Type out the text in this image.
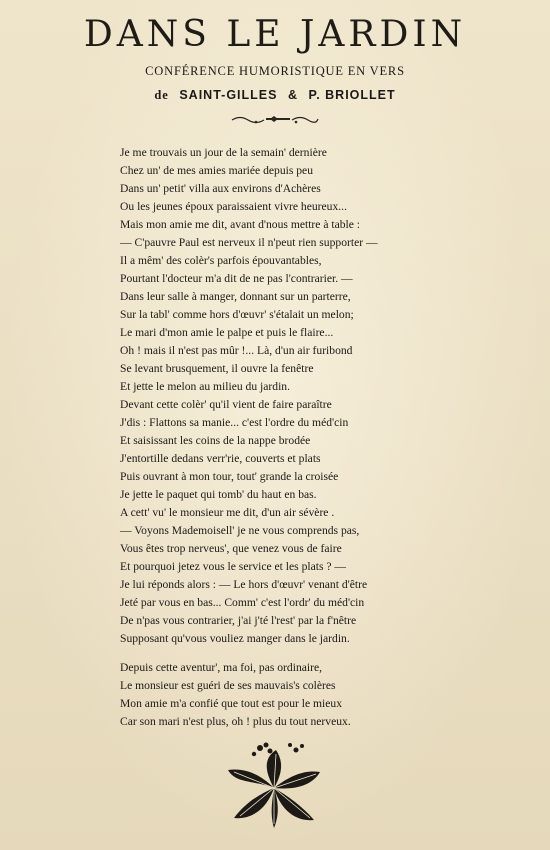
DANS LE JARDIN

CONFÉRENCE HUMORISTIQUE EN VERS

de SAINT-GILLES & P. BRIOLLET

Je me trouvais un jour de la semain' dernière
Chez un' de mes amies mariée depuis peu
Dans un' petit' villa aux environs d'Achères
Ou les jeunes époux paraissaient vivre heureux...
Mais mon amie me dit, avant d'nous mettre à table :
— C'pauvre Paul est nerveux il n'peut rien supporter —
Il a mêm' des colèr's parfois épouvantables,
Pourtant l'docteur m'a dit de ne pas l'contrarier. —
Dans leur salle à manger, donnant sur un parterre,
Sur la tabl' comme hors d'œuvr' s'étalait un melon;
Le mari d'mon amie le palpe et puis le flaire...
Oh ! mais il n'est pas mûr !... Là, d'un air furibond
Se levant brusquement, il ouvre la fenêtre
Et jette le melon au milieu du jardin.
Devant cette colèr' qu'il vient de faire paraître
J'dis : Flattons sa manie... c'est l'ordre du méd'cin
Et saisissant les coins de la nappe brodée
J'entortille dedans verr'rie, couverts et plats
Puis ouvrant à mon tour, tout' grande la croisée
Je jette le paquet qui tomb' du haut en bas.
A cett' vu' le monsieur me dit, d'un air sévère .
— Voyons Mademoisell' je ne vous comprends pas,
Vous êtes trop nerveus', que venez vous de faire
Et pourquoi jetez vous le service et les plats ? —
Je lui réponds alors : — Le hors d'œuvr' venant d'être
Jeté par vous en bas... Comm' c'est l'ordr' du méd'cin
De n'pas vous contrarier, j'ai j'té l'rest' par la f'nêtre
Supposant qu'vous vouliez manger dans le jardin.
Depuis cette aventur', ma foi, pas ordinaire,
Le monsieur est guéri de ses mauvais's colères
Mon amie m'a confié que tout est pour le mieux
Car son mari n'est plus, oh ! plus du tout nerveux.
